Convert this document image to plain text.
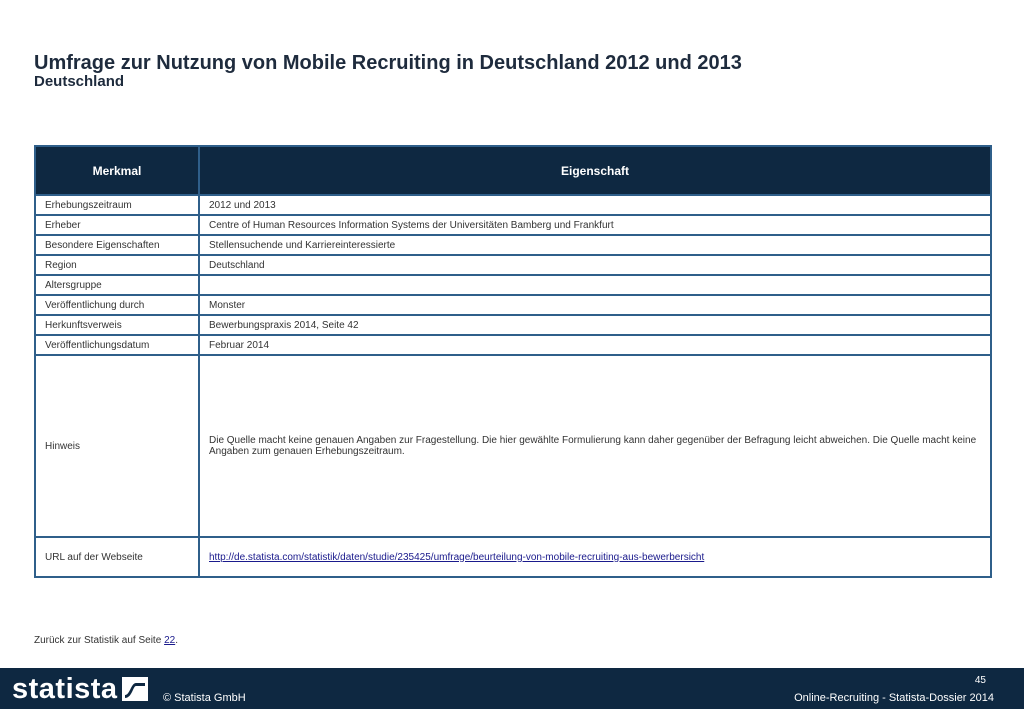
Umfrage zur Nutzung von Mobile Recruiting in Deutschland 2012 und 2013
Deutschland
Merkmal	Eigenschaft
Erhebungszeitraum	2012 und 2013
Erheber	Centre of Human Resources Information Systems der Universitäten Bamberg und Frankfurt
Besondere Eigenschaften	Stellensuchende und Karriereinteressierte
Region	Deutschland
Altersgruppe	
Veröffentlichung durch	Monster
Herkunftsverweis	Bewerbungspraxis 2014, Seite 42
Veröffentlichungsdatum	Februar 2014
Hinweis	Die Quelle macht keine genauen Angaben zur Fragestellung. Die hier gewählte Formulierung kann daher gegenüber der Befragung leicht abweichen. Die Quelle macht keine Angaben zum genauen Erhebungszeitraum.
URL auf der Webseite	http://de.statista.com/statistik/daten/studie/235425/umfrage/beurteilung-von-mobile-recruiting-aus-bewerbersicht
Zurück zur Statistik auf Seite 22.
statista	© Statista GmbH
45
Online-Recruiting - Statista-Dossier 2014
